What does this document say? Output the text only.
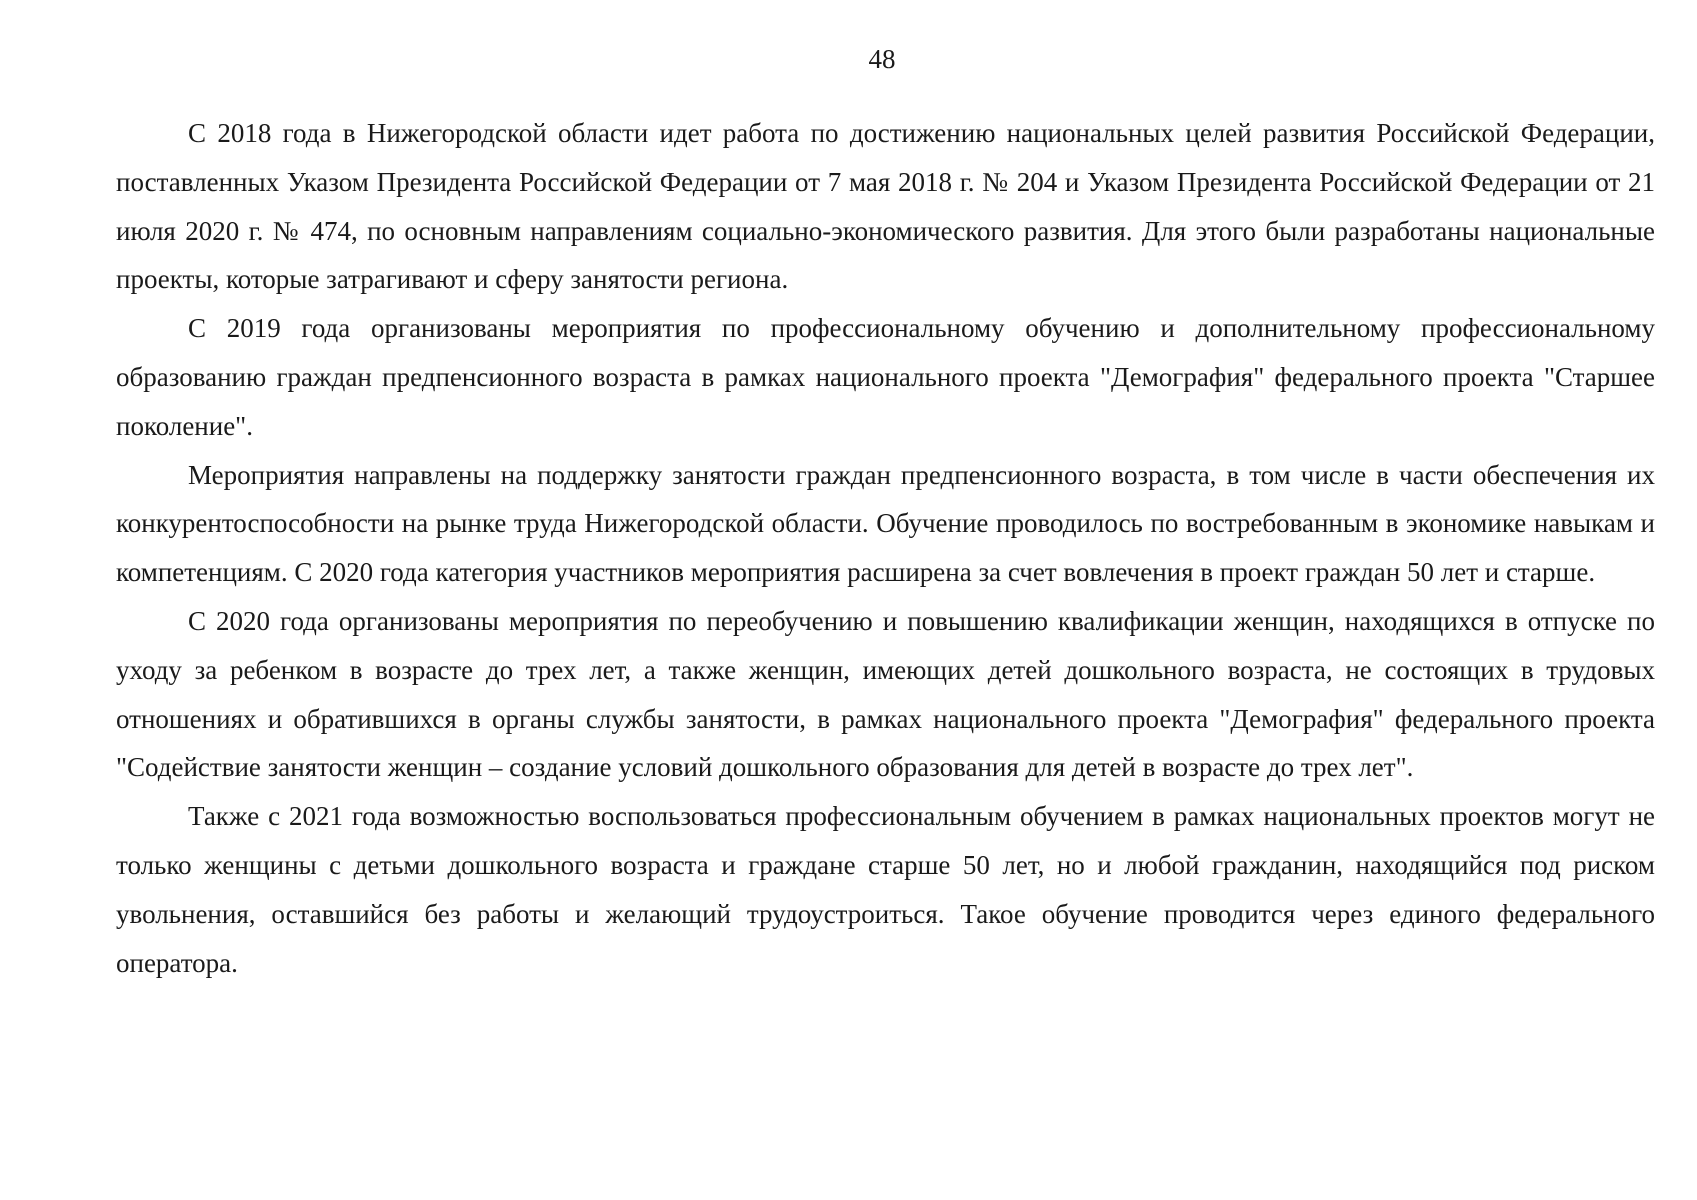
48

С 2018 года в Нижегородской области идет работа по достижению национальных целей развития Российской Федерации, поставленных Указом Президента Российской Федерации от 7 мая 2018 г. № 204 и Указом Президента Российской Федерации от 21 июля 2020 г. № 474, по основным направлениям социально-экономического развития. Для этого были разработаны национальные проекты, которые затрагивают и сферу занятости региона.

С 2019 года организованы мероприятия по профессиональному обучению и дополнительному профессиональному образованию граждан предпенсионного возраста в рамках национального проекта "Демография" федерального проекта "Старшее поколение".

Мероприятия направлены на поддержку занятости граждан предпенсионного возраста, в том числе в части обеспечения их конкурентоспособности на рынке труда Нижегородской области. Обучение проводилось по востребованным в экономике навыкам и компетенциям. С 2020 года категория участников мероприятия расширена за счет вовлечения в проект граждан 50 лет и старше.

С 2020 года организованы мероприятия по переобучению и повышению квалификации женщин, находящихся в отпуске по уходу за ребенком в возрасте до трех лет, а также женщин, имеющих детей дошкольного возраста, не состоящих в трудовых отношениях и обратившихся в органы службы занятости, в рамках национального проекта "Демография" федерального проекта "Содействие занятости женщин – создание условий дошкольного образования для детей в возрасте до трех лет".

Также с 2021 года возможностью воспользоваться профессиональным обучением в рамках национальных проектов могут не только женщины с детьми дошкольного возраста и граждане старше 50 лет, но и любой гражданин, находящийся под риском увольнения, оставшийся без работы и желающий трудоустроиться. Такое обучение проводится через единого федерального оператора.
